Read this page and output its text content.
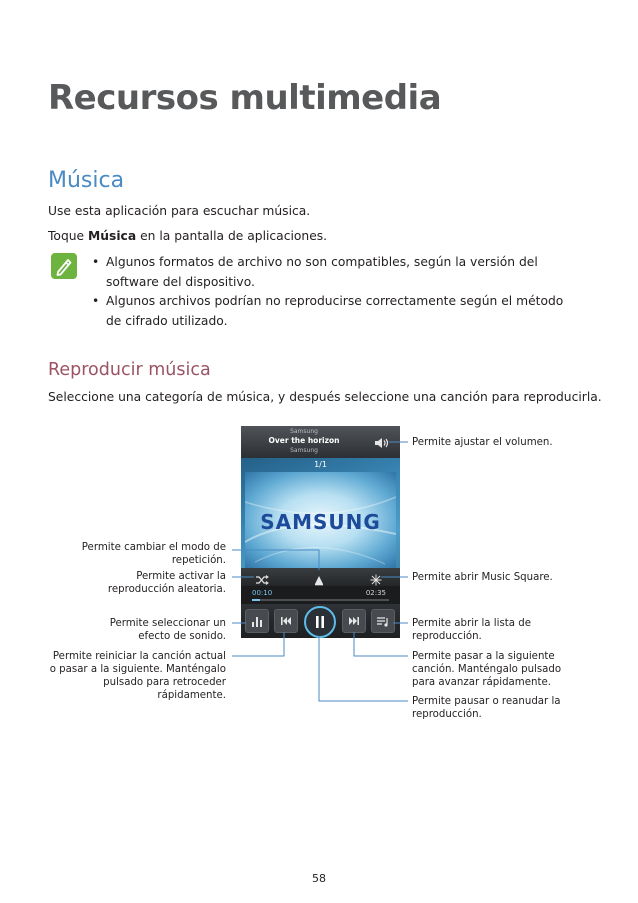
Recursos multimedia
Música
Use esta aplicación para escuchar música.
Toque Música en la pantalla de aplicaciones.
• Algunos formatos de archivo no son compatibles, según la versión del software del dispositivo.
• Algunos archivos podrían no reproducirse correctamente según el método de cifrado utilizado.
Reproducir música
Seleccione una categoría de música, y después seleccione una canción para reproducirla.
Samsung
Over the horizon
Samsung
1/1
SAMSUNG
00:10	02:35
Permite cambiar el modo de repetición.
Permite activar la reproducción aleatoria.
Permite seleccionar un efecto de sonido.
Permite reiniciar la canción actual o pasar a la siguiente. Manténgalo pulsado para retroceder rápidamente.
Permite ajustar el volumen.
Permite abrir Music Square.
Permite abrir la lista de reproducción.
Permite pasar a la siguiente canción. Manténgalo pulsado para avanzar rápidamente.
Permite pausar o reanudar la reproducción.
58
